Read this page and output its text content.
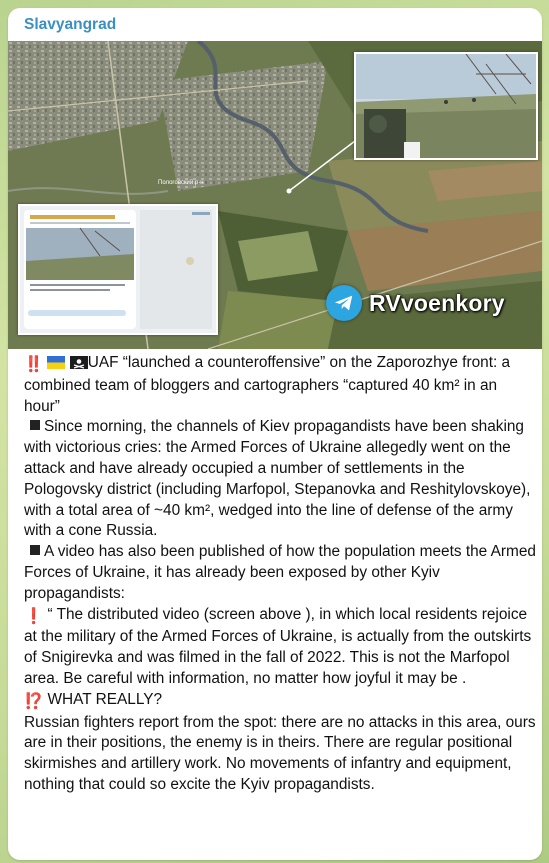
Slavyangrad
Пологовский р-н
RVvoenkory

‼️	UAF “launched a counteroffensive” on the Zaporozhye front: a combined team of bloggers and cartographers “captured 40 km² in an hour”

Since morning, the channels of Kiev propagandists have been shaking with victorious cries: the Armed Forces of Ukraine allegedly went on the attack and have already occupied a number of settlements in the Pologovsky district (including Marfopol, Stepanovka and Reshitylovskoye), with a total area of ~40 km², wedged into the line of defense of the army with a cone Russia.

A video has also been published of how the population meets the Armed Forces of Ukraine, it has already been exposed by other Kyiv propagandists:

❗ “ The distributed video (screen above ), in which local residents rejoice at the military of the Armed Forces of Ukraine, is actually from the outskirts of Snigirevka and was filmed in the fall of 2022. This is not the Marfopol area. Be careful with information, no matter how joyful it may be .

⁉️ WHAT REALLY?

Russian fighters report from the spot: there are no attacks in this area, ours are in their positions, the enemy is in theirs. There are regular positional skirmishes and artillery work. No movements of infantry and equipment, nothing that could so excite the Kyiv propagandists.
